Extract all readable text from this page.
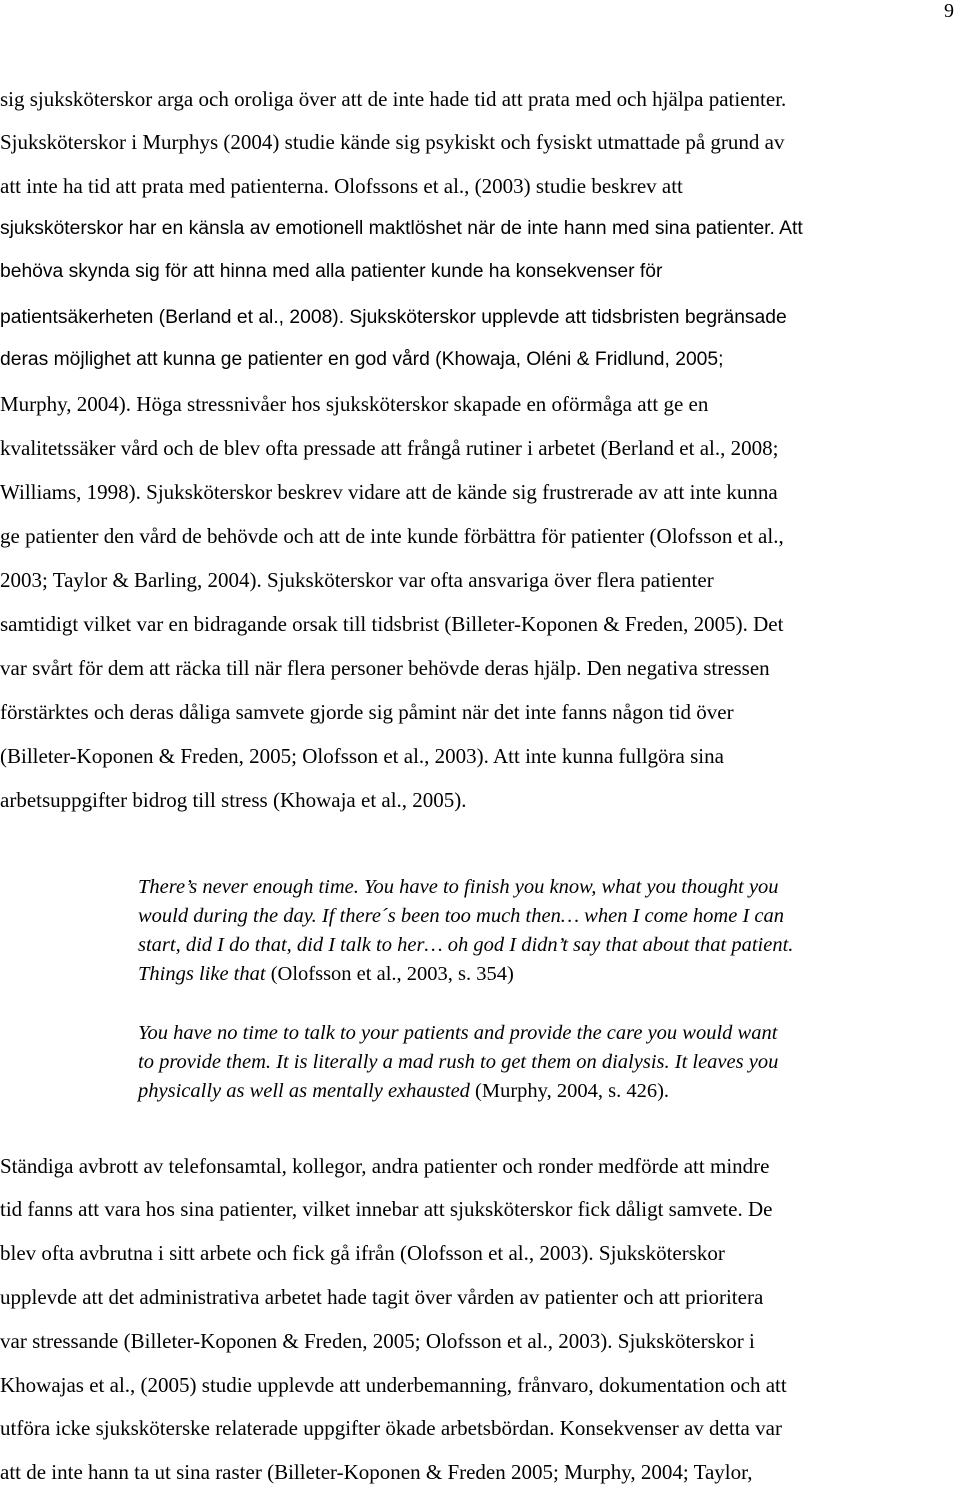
9
sig sjuksköterskor arga och oroliga över att de inte hade tid att prata med och hjälpa patienter.
Sjuksköterskor i Murphys (2004) studie kände sig psykiskt och fysiskt utmattade på grund av
att inte ha tid att prata med patienterna. Olofssons et al., (2003) studie beskrev att
sjuksköterskor har en känsla av emotionell maktlöshet när de inte hann med sina patienter. Att
behöva skynda sig för att hinna med alla patienter kunde ha konsekvenser för
patientsäkerheten (Berland et al., 2008). Sjuksköterskor upplevde att tidsbristen begränsade
deras möjlighet att kunna ge patienter en god vård (Khowaja, Oléni & Fridlund, 2005;
Murphy, 2004). Höga stressnivåer hos sjuksköterskor skapade en oförmåga att ge en
kvalitetssäker vård och de blev ofta pressade att frångå rutiner i arbetet (Berland et al., 2008;
Williams, 1998). Sjuksköterskor beskrev vidare att de kände sig frustrerade av att inte kunna
ge patienter den vård de behövde och att de inte kunde förbättra för patienter (Olofsson et al.,
2003; Taylor & Barling, 2004). Sjuksköterskor var ofta ansvariga över flera patienter
samtidigt vilket var en bidragande orsak till tidsbrist (Billeter-Koponen & Freden, 2005). Det
var svårt för dem att räcka till när flera personer behövde deras hjälp. Den negativa stressen
förstärktes och deras dåliga samvete gjorde sig påmint när det inte fanns någon tid över
(Billeter-Koponen & Freden, 2005; Olofsson et al., 2003). Att inte kunna fullgöra sina
arbetsuppgifter bidrog till stress (Khowaja et al., 2005).
There’s never enough time. You have to finish you know, what you thought you
would during the day. If there´s been too much then… when I come home I can
start, did I do that, did I talk to her… oh god I didn’t say that about that patient.
Things like that (Olofsson et al., 2003, s. 354)
You have no time to talk to your patients and provide the care you would want
to provide them. It is literally a mad rush to get them on dialysis. It leaves you
physically as well as mentally exhausted (Murphy, 2004, s. 426).
Ständiga avbrott av telefonsamtal, kollegor, andra patienter och ronder medförde att mindre
tid fanns att vara hos sina patienter, vilket innebar att sjuksköterskor fick dåligt samvete. De
blev ofta avbrutna i sitt arbete och fick gå ifrån (Olofsson et al., 2003). Sjuksköterskor
upplevde att det administrativa arbetet hade tagit över vården av patienter och att prioritera
var stressande (Billeter-Koponen & Freden, 2005; Olofsson et al., 2003). Sjuksköterskor i
Khowajas et al., (2005) studie upplevde att underbemanning, frånvaro, dokumentation och att
utföra icke sjuksköterske relaterade uppgifter ökade arbetsbördan. Konsekvenser av detta var
att de inte hann ta ut sina raster (Billeter-Koponen & Freden 2005; Murphy, 2004; Taylor,
